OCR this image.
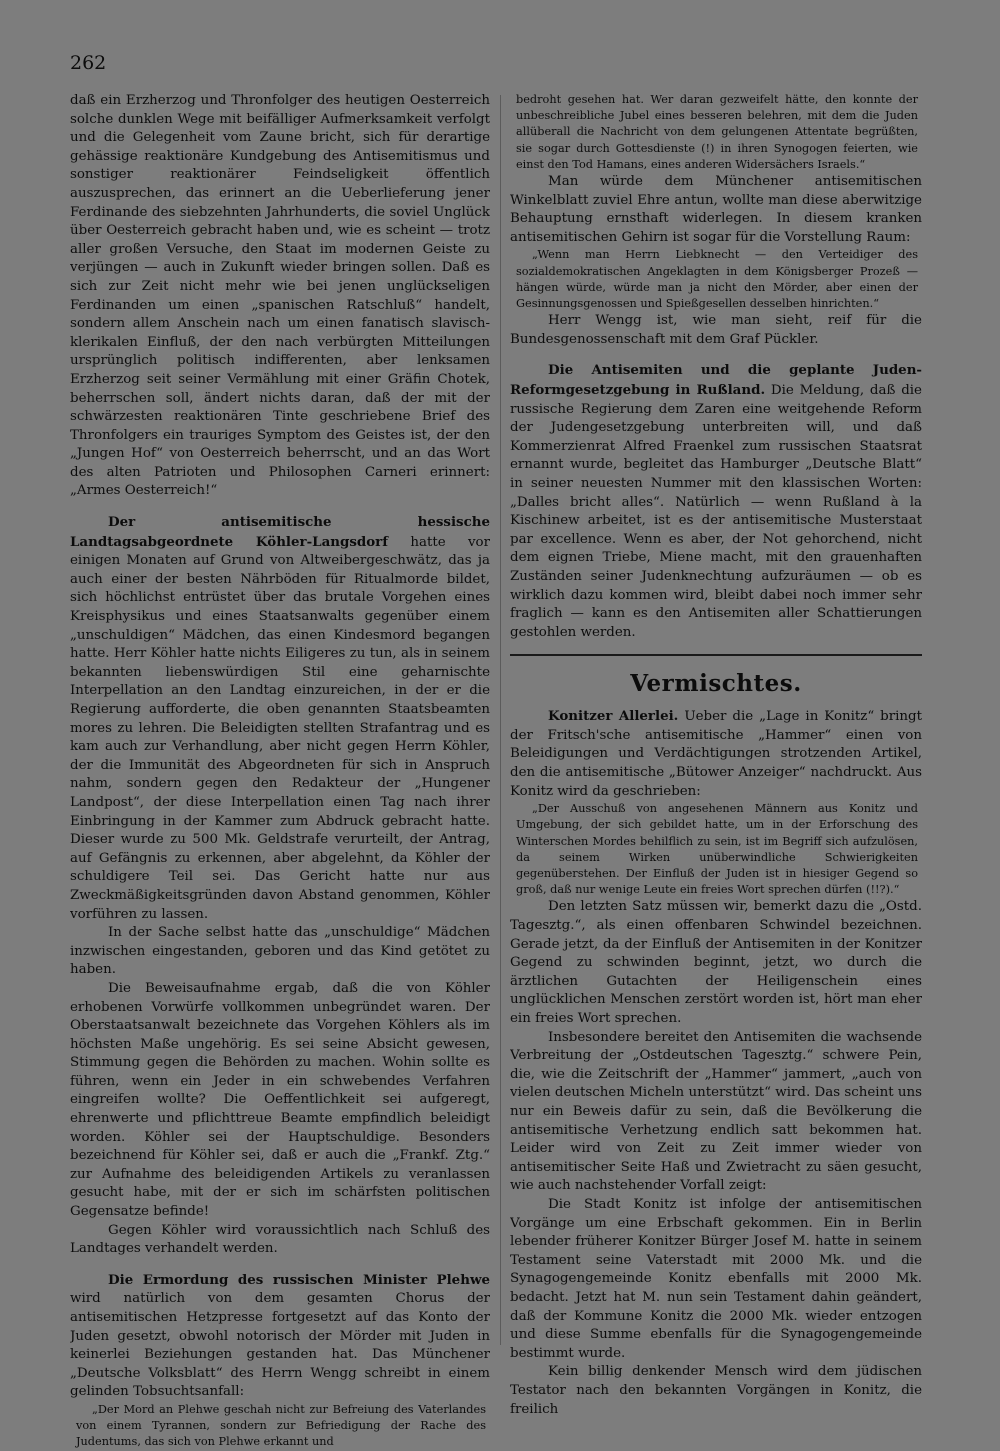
262

daß ein Erzherzog und Thronfolger des heutigen Oesterreich solche dunklen Wege mit beifälliger Aufmerksamkeit verfolgt und die Gelegenheit vom Zaune bricht, sich für derartige gehässige reaktionäre Kundgebung des Antisemitismus und sonstiger reaktionärer Feindseligkeit öffentlich auszusprechen, das erinnert an die Ueberlieferung jener Ferdinande des siebzehnten Jahrhunderts, die soviel Unglück über Oesterreich gebracht haben und, wie es scheint — trotz aller großen Versuche, den Staat im modernen Geiste zu verjüngen — auch in Zukunft wieder bringen sollen. Daß es sich zur Zeit nicht mehr wie bei jenen unglückseligen Ferdinanden um einen „spanischen Ratschluß“ handelt, sondern allem Anschein nach um einen fanatisch slavisch-klerikalen Einfluß, der den nach verbürgten Mitteilungen ursprünglich politisch indifferenten, aber lenksamen Erzherzog seit seiner Vermählung mit einer Gräfin Chotek, beherrschen soll, ändert nichts daran, daß der mit der schwärzesten reaktionären Tinte geschriebene Brief des Thronfolgers ein trauriges Symptom des Geistes ist, der den „Jungen Hof“ von Oesterreich beherrscht, und an das Wort des alten Patrioten und Philosophen Carneri erinnert: „Armes Oesterreich!“

Der antisemitische hessische Landtagsabgeordnete Köhler-Langsdorf hatte vor einigen Monaten auf Grund von Altweibergeschwätz, das ja auch einer der besten Nährböden für Ritualmorde bildet, sich höchlichst entrüstet über das brutale Vorgehen eines Kreisphysikus und eines Staatsanwalts gegenüber einem „unschuldigen“ Mädchen, das einen Kindesmord begangen hatte. Herr Köhler hatte nichts Eiligeres zu tun, als in seinem bekannten liebenswürdigen Stil eine geharnischte Interpellation an den Landtag einzureichen, in der er die Regierung aufforderte, die oben genannten Staatsbeamten mores zu lehren. Die Beleidigten stellten Strafantrag und es kam auch zur Verhandlung, aber nicht gegen Herrn Köhler, der die Immunität des Abgeordneten für sich in Anspruch nahm, sondern gegen den Redakteur der „Hungener Landpost“, der diese Interpellation einen Tag nach ihrer Einbringung in der Kammer zum Abdruck gebracht hatte. Dieser wurde zu 500 Mk. Geldstrafe verurteilt, der Antrag, auf Gefängnis zu erkennen, aber abgelehnt, da Köhler der schuldigere Teil sei. Das Gericht hatte nur aus Zweckmäßigkeitsgründen davon Abstand genommen, Köhler vorführen zu lassen.

In der Sache selbst hatte das „unschuldige“ Mädchen inzwischen eingestanden, geboren und das Kind getötet zu haben.

Die Beweisaufnahme ergab, daß die von Köhler erhobenen Vorwürfe vollkommen unbegründet waren. Der Oberstaatsanwalt bezeichnete das Vorgehen Köhlers als im höchsten Maße ungehörig. Es sei seine Absicht gewesen, Stimmung gegen die Behörden zu machen. Wohin sollte es führen, wenn ein Jeder in ein schwebendes Verfahren eingreifen wollte? Die Oeffentlichkeit sei aufgeregt, ehrenwerte und pflichttreue Beamte empfindlich beleidigt worden. Köhler sei der Hauptschuldige. Besonders bezeichnend für Köhler sei, daß er auch die „Frankf. Ztg.“ zur Aufnahme des beleidigenden Artikels zu veranlassen gesucht habe, mit der er sich im schärfsten politischen Gegensatze befinde!

Gegen Köhler wird voraussichtlich nach Schluß des Landtages verhandelt werden.

Die Ermordung des russischen Minister Plehwe wird natürlich von dem gesamten Chorus der antisemitischen Hetzpresse fortgesetzt auf das Konto der Juden gesetzt, obwohl notorisch der Mörder mit Juden in keinerlei Beziehungen gestanden hat. Das Münchener „Deutsche Volksblatt“ des Herrn Wengg schreibt in einem gelinden Tobsuchtsanfall:

„Der Mord an Plehwe geschah nicht zur Befreiung des Vaterlandes von einem Tyrannen, sondern zur Befriedigung der Rache des Judentums, das sich von Plehwe erkannt und

bedroht gesehen hat. Wer daran gezweifelt hätte, den konnte der unbeschreibliche Jubel eines besseren belehren, mit dem die Juden allüberall die Nachricht von dem gelungenen Attentate begrüßten, sie sogar durch Gottesdienste (!) in ihren Synogogen feierten, wie einst den Tod Hamans, eines anderen Widersächers Israels.“

Man würde dem Münchener antisemitischen Winkelblatt zuviel Ehre antun, wollte man diese aberwitzige Behauptung ernsthaft widerlegen. In diesem kranken antisemitischen Gehirn ist sogar für die Vorstellung Raum:

„Wenn man Herrn Liebknecht — den Verteidiger des sozialdemokratischen Angeklagten in dem Königsberger Prozeß — hängen würde, würde man ja nicht den Mörder, aber einen der Gesinnungsgenossen und Spießgesellen desselben hinrichten.“

Herr Wengg ist, wie man sieht, reif für die Bundesgenossenschaft mit dem Graf Pückler.

Die Antisemiten und die geplante Juden-Reformgesetzgebung in Rußland. Die Meldung, daß die russische Regierung dem Zaren eine weitgehende Reform der Judengesetzgebung unterbreiten will, und daß Kommerzienrat Alfred Fraenkel zum russischen Staatsrat ernannt wurde, begleitet das Hamburger „Deutsche Blatt“ in seiner neuesten Nummer mit den klassischen Worten: „Dalles bricht alles“. Natürlich — wenn Rußland à la Kischinew arbeitet, ist es der antisemitische Musterstaat par excellence. Wenn es aber, der Not gehorchend, nicht dem eignen Triebe, Miene macht, mit den grauenhaften Zuständen seiner Judenknechtung aufzuräumen — ob es wirklich dazu kommen wird, bleibt dabei noch immer sehr fraglich — kann es den Antisemiten aller Schattierungen gestohlen werden.

Vermischtes.

Konitzer Allerlei. Ueber die „Lage in Konitz“ bringt der Fritsch'sche antisemitische „Hammer“ einen von Beleidigungen und Verdächtigungen strotzenden Artikel, den die antisemitische „Bütower Anzeiger“ nachdruckt. Aus Konitz wird da geschrieben:

„Der Ausschuß von angesehenen Männern aus Konitz und Umgebung, der sich gebildet hatte, um in der Erforschung des Winterschen Mordes behilflich zu sein, ist im Begriff sich aufzulösen, da seinem Wirken unüberwindliche Schwierigkeiten gegenüberstehen. Der Einfluß der Juden ist in hiesiger Gegend so groß, daß nur wenige Leute ein freies Wort sprechen dürfen (!!?).“

Den letzten Satz müssen wir, bemerkt dazu die „Ostd. Tagesztg.“, als einen offenbaren Schwindel bezeichnen. Gerade jetzt, da der Einfluß der Antisemiten in der Konitzer Gegend zu schwinden beginnt, jetzt, wo durch die ärztlichen Gutachten der Heiligenschein eines unglücklichen Menschen zerstört worden ist, hört man eher ein freies Wort sprechen.

Insbesondere bereitet den Antisemiten die wachsende Verbreitung der „Ostdeutschen Tagesztg.“ schwere Pein, die, wie die Zeitschrift der „Hammer“ jammert, „auch von vielen deutschen Micheln unterstützt“ wird. Das scheint uns nur ein Beweis dafür zu sein, daß die Bevölkerung die antisemitische Verhetzung endlich satt bekommen hat. Leider wird von Zeit zu Zeit immer wieder von antisemitischer Seite Haß und Zwietracht zu säen gesucht, wie auch nachstehender Vorfall zeigt:

Die Stadt Konitz ist infolge der antisemitischen Vorgänge um eine Erbschaft gekommen. Ein in Berlin lebender früherer Konitzer Bürger Josef M. hatte in seinem Testament seine Vaterstadt mit 2000 Mk. und die Synagogengemeinde Konitz ebenfalls mit 2000 Mk. bedacht. Jetzt hat M. nun sein Testament dahin geändert, daß der Kommune Konitz die 2000 Mk. wieder entzogen und diese Summe ebenfalls für die Synagogengemeinde bestimmt wurde.

Kein billig denkender Mensch wird dem jüdischen Testator nach den bekannten Vorgängen in Konitz, die freilich
